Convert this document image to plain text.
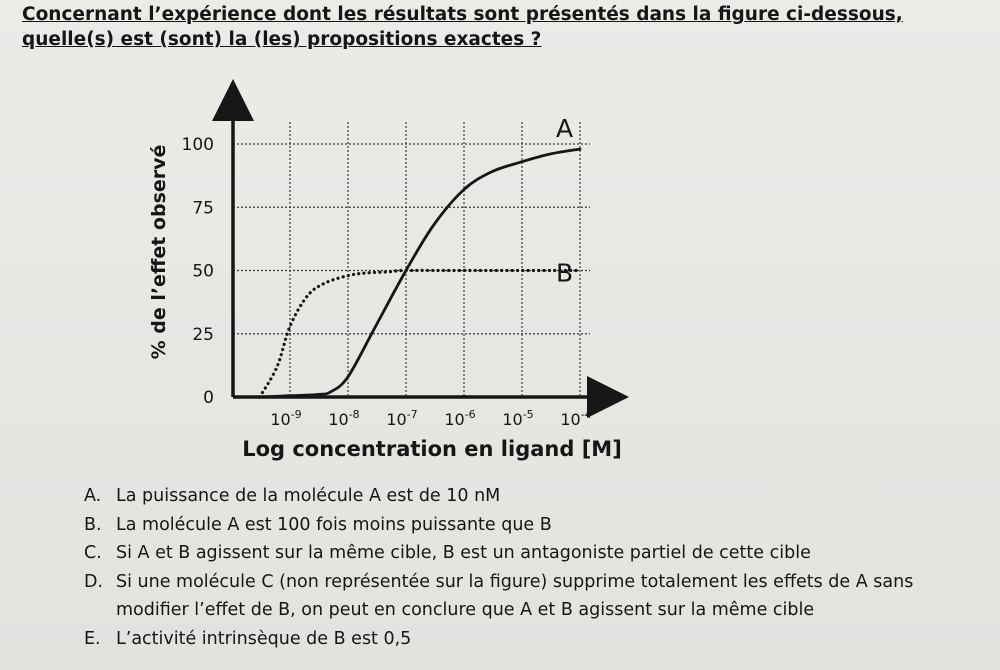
Concernant l’expérience dont les résultats sont présentés dans la figure ci-dessous, quelle(s) est (sont) la (les) propositions exactes ?

0
25
50
75
100
$10^{-9}$ $10^{-8}$ $10^{-7}$ $10^{-6}$ $10^{-5}$ $10^{-4}$
A
B
Log concentration en ligand [M]
% de l’effet observé
A. La puissance de la molécule A est de 10 nM
B. La molécule A est 100 fois moins puissante que B
C. Si A et B agissent sur la même cible, B est un antagoniste partiel de cette cible
D. Si une molécule C (non représentée sur la figure) supprime totalement les effets de A sans modifier l’effet de B, on peut en conclure que A et B agissent sur la même cible
E. L’activité intrinsèque de B est 0,5
